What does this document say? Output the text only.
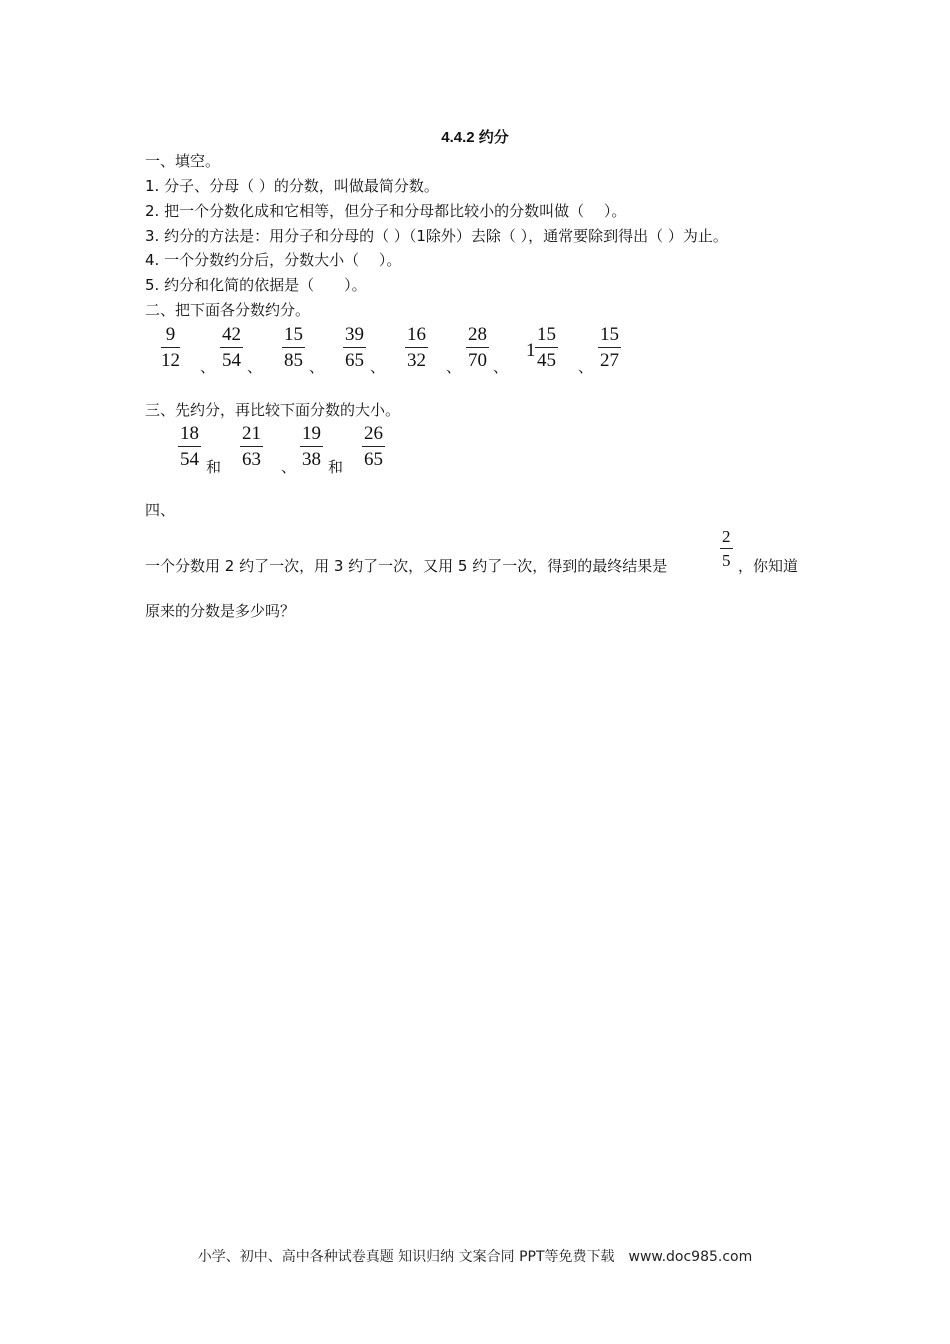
4.4.2 约分
一、填空。
1. 分子、分母（ ）的分数，叫做最简分数。
2. 把一个分数化成和它相等，但分子和分母都比较小的分数叫做（　 ）。
3. 约分的方法是：用分子和分母的（ ）（1除外）去除（ ），通常要除到得出（ ）为止。
4. 一个分数约分后，分数大小（　 ）。
5. 约分和化简的依据是（　　）。
二、把下面各分数约分。
9
12 、
42
54 、
15
85 、
39
65 、
16
32 、
28
70 、
1
15
45 、
15
27
三、先约分，再比较下面分数的大小。
18
54 和
21
63 、
19
38 和
26
65
四、
一个分数用 2 约了一次，用 3 约了一次，又用 5 约了一次，得到的最终结果是
2
5 ，你知道
原来的分数是多少吗？
小学、初中、高中各种试卷真题 知识归纳 文案合同 PPT等免费下载　www.doc985.com
